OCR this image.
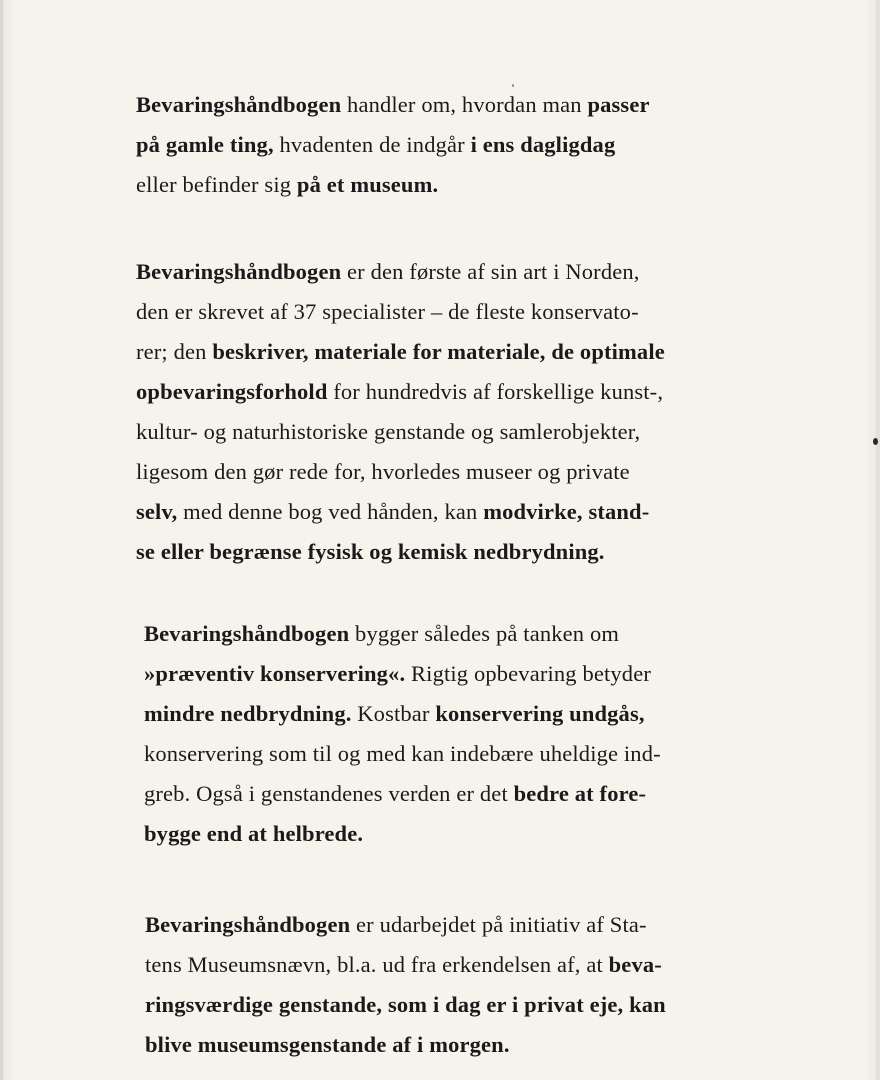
Bevaringshåndbogen handler om, hvordan man passer
på gamle ting, hvadenten de indgår i ens dagligdag
eller befinder sig på et museum.
Bevaringshåndbogen er den første af sin art i Norden,
den er skrevet af 37 specialister – de fleste konservato-
rer; den beskriver, materiale for materiale, de optimale
opbevaringsforhold for hundredvis af forskellige kunst-,
kultur- og naturhistoriske genstande og samlerobjekter,
ligesom den gør rede for, hvorledes museer og private
selv, med denne bog ved hånden, kan modvirke, stand-
se eller begrænse fysisk og kemisk nedbrydning.
Bevaringshåndbogen bygger således på tanken om
»præventiv konservering«. Rigtig opbevaring betyder
mindre nedbrydning. Kostbar konservering undgås,
konservering som til og med kan indebære uheldige ind-
greb. Også i genstandenes verden er det bedre at fore-
bygge end at helbrede.
Bevaringshåndbogen er udarbejdet på initiativ af Sta-
tens Museumsnævn, bl.a. ud fra erkendelsen af, at beva-
ringsværdige genstande, som i dag er i privat eje, kan
blive museumsgenstande af i morgen.
